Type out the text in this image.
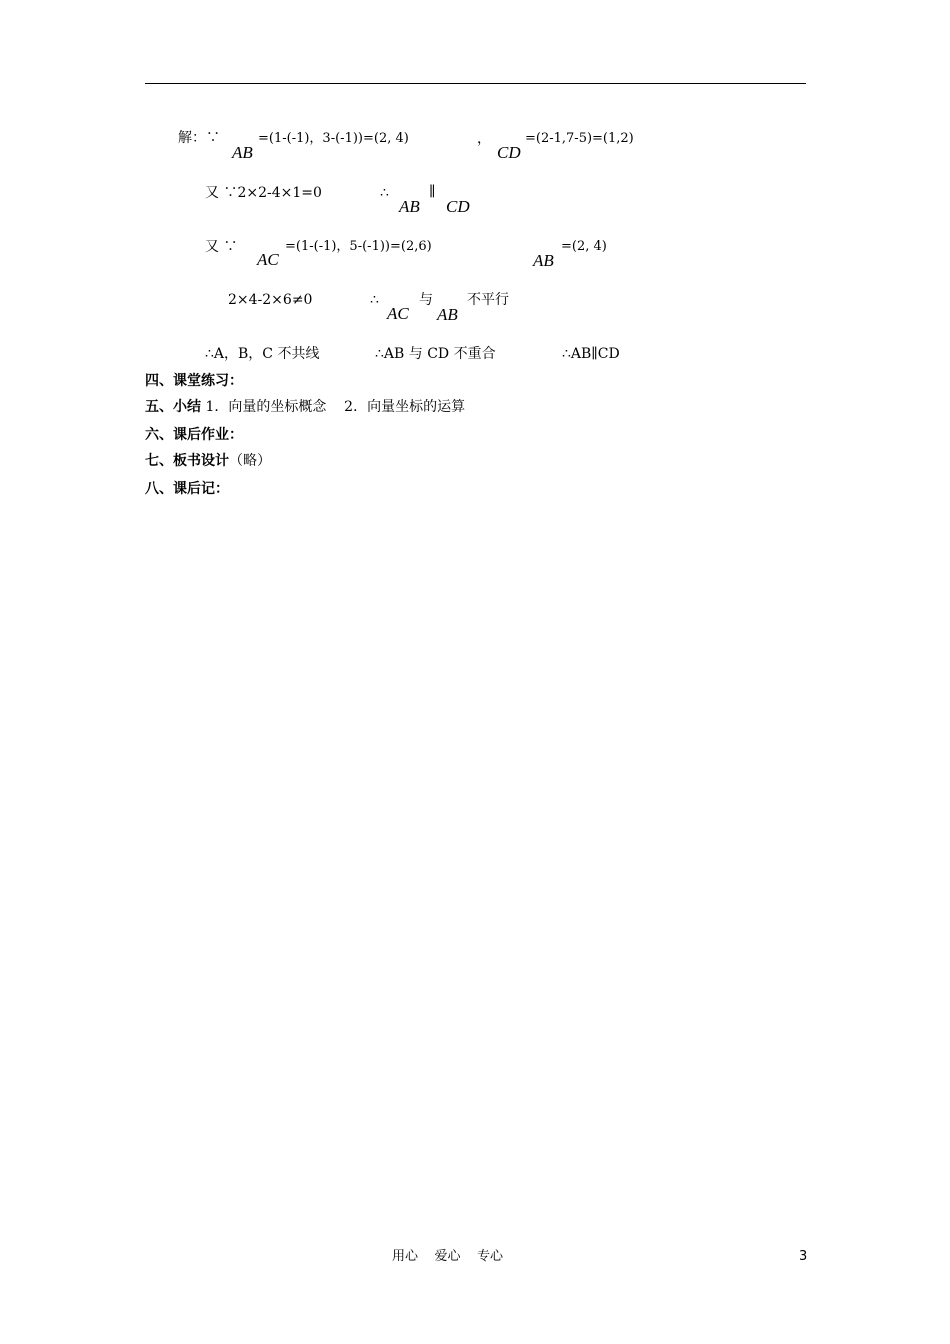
解：∵
AB
=(1-(-1)，3-(-1))=(2, 4)	，
CD
=(2-1,7-5)=(1,2)
又 ∵2×2-4×1=0	∴
AB
∥
CD
又 ∵
AC
=(1-(-1)，5-(-1))=(2,6)
AB
=(2, 4)
2×4-2×6≠0	∴
AC
与
AB
不平行
∴A，B，C 不共线	∴AB 与 CD 不重合	∴AB∥CD
四、课堂练习：
五、小结 1．向量的坐标概念    2．向量坐标的运算
六、课后作业：
七、板书设计（略）
八、课后记：
用心    爱心    专心	3
